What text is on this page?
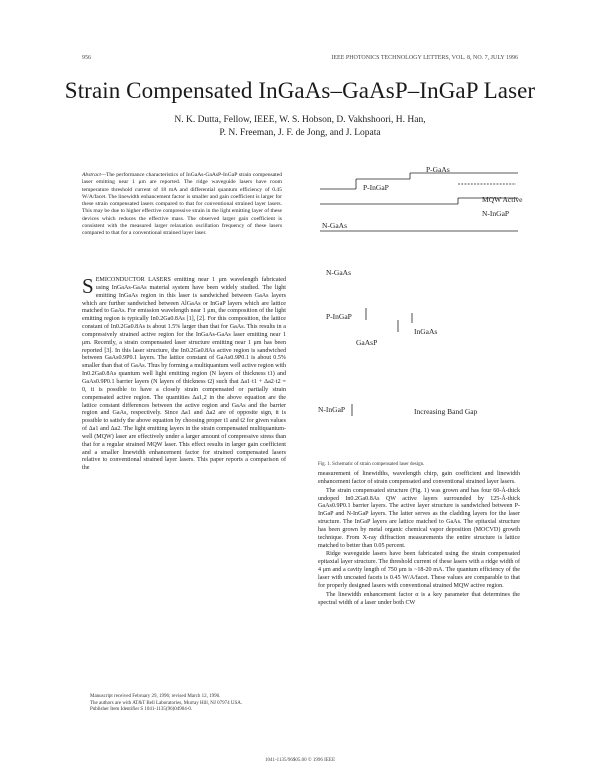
956	IEEE PHOTONICS TECHNOLOGY LETTERS, VOL. 8, NO. 7, JULY 1996
Strain Compensated InGaAs–GaAsP–InGaP Laser
N. K. Dutta, Fellow, IEEE, W. S. Hobson, D. Vakhshoori, H. Han,
P. N. Freeman, J. F. de Jong, and J. Lopata
Abstract—The performance characteristics of InGaAs-GaAsP-InGaP strain compensated laser emitting near 1 μm are reported. The ridge waveguide lasers have room temperature threshold current of 18 mA and differential quantum efficiency of 0.45 W/A/facet. The linewidth enhancement factor is smaller and gain coefficient is larger for these strain compensated lasers compared to that for conventional strained layer lasers. This may be due to higher effective compressive strain in the light emitting layer of these devices which reduces the effective mass. The observed larger gain coefficient is consistent with the measured larger relaxation oscillation frequency of these lasers compared to that for a conventional strained layer laser.

SEMICONDUCTOR LASERS emitting near 1 μm wavelength fabricated using InGaAs-GaAs material system have been widely studied. The light emitting InGaAs region in this laser is sandwiched between GaAs layers which are further sandwiched between AlGaAs or InGaP layers which are lattice matched to GaAs. For emission wavelength near 1 μm, the composition of the light emitting region is typically In0.2Ga0.8As [1], [2]. For this composition, the lattice constant of In0.2Ga0.8As is about 1.5% larger than that for GaAs. This results in a compressively strained active region for the InGaAs-GaAs laser emitting near 1 μm. Recently, a strain compensated laser structure emitting near 1 μm has been reported [3]. In this laser structure, the In0.2Ga0.8As active region is sandwiched between GaAs0.9P0.1 layers. The lattice constant of GaAs0.9P0.1 is about 0.5% smaller than that of GaAs. Thus by forming a multiquantum well active region with In0.2Ga0.8As quantum well light emitting region (N layers of thickness t1) and GaAs0.9P0.1 barrier layers (N layers of thickness t2) such that Δa1·t1 + Δa2·t2 = 0, it is possible to have a closely strain compensated or partially strain compensated active region. The quantities Δa1,2 in the above equation are the lattice constant differences between the active region and GaAs and the barrier region and GaAs, respectively. Since Δa1 and Δa2 are of opposite sign, it is possible to satisfy the above equation by choosing proper t1 and t2 for given values of Δa1 and Δa2. The light emitting layers in the strain compensated multiquantum-well (MQW) laser are effectively under a larger amount of compressive stress than that for a regular strained MQW laser. This effect results in larger gain coefficient and a smaller linewidth enhancement factor for strained compensated lasers relative to conventional strained layer lasers. This paper reports a comparison of the

Manuscript received February 29, 1996; revised March 12, 1996.
The authors are with AT&T Bell Laboratories, Murray Hill, NJ 07974 USA.
Publisher Item Identifier S 1041-1135(96)04904-0.
P-GaAs
P-InGaP
MQW Active
N-InGaP
N-GaAs
N-GaAs
P-InGaP
InGaAs
GaAsP
N-InGaP	Increasing Band Gap
Fig. 1. Schematic of strain compensated laser design.

measurement of linewidths, wavelength chirp, gain coefficient and linewidth enhancement factor of strain compensated and conventional strained layer lasers.

The strain compensated structure (Fig. 1) was grown and has four 60-Å-thick undoped In0.2Ga0.8As QW active layers surrounded by 125-Å-thick GaAs0.9P0.1 barrier layers. The active layer structure is sandwiched between P-InGaP and N-InGaP layers. The latter serves as the cladding layers for the laser structure. The InGaP layers are lattice matched to GaAs. The epitaxial structure has been grown by metal organic chemical vapor deposition (MOCVD) growth technique. From X-ray diffraction measurements the entire structure is lattice matched to better than 0.05 percent.

Ridge waveguide lasers have been fabricated using the strain compensated epitaxial layer structure. The threshold current of these lasers with a ridge width of 4 μm and a cavity length of 750 μm is ~18-20 mA. The quantum efficiency of the laser with uncoated facets is 0.45 W/A/facet. These values are comparable to that for properly designed lasers with conventional strained MQW active region.

The linewidth enhancement factor α is a key parameter that determines the spectral width of a laser under both CW

1041-1135/96$05.00 © 1996 IEEE
